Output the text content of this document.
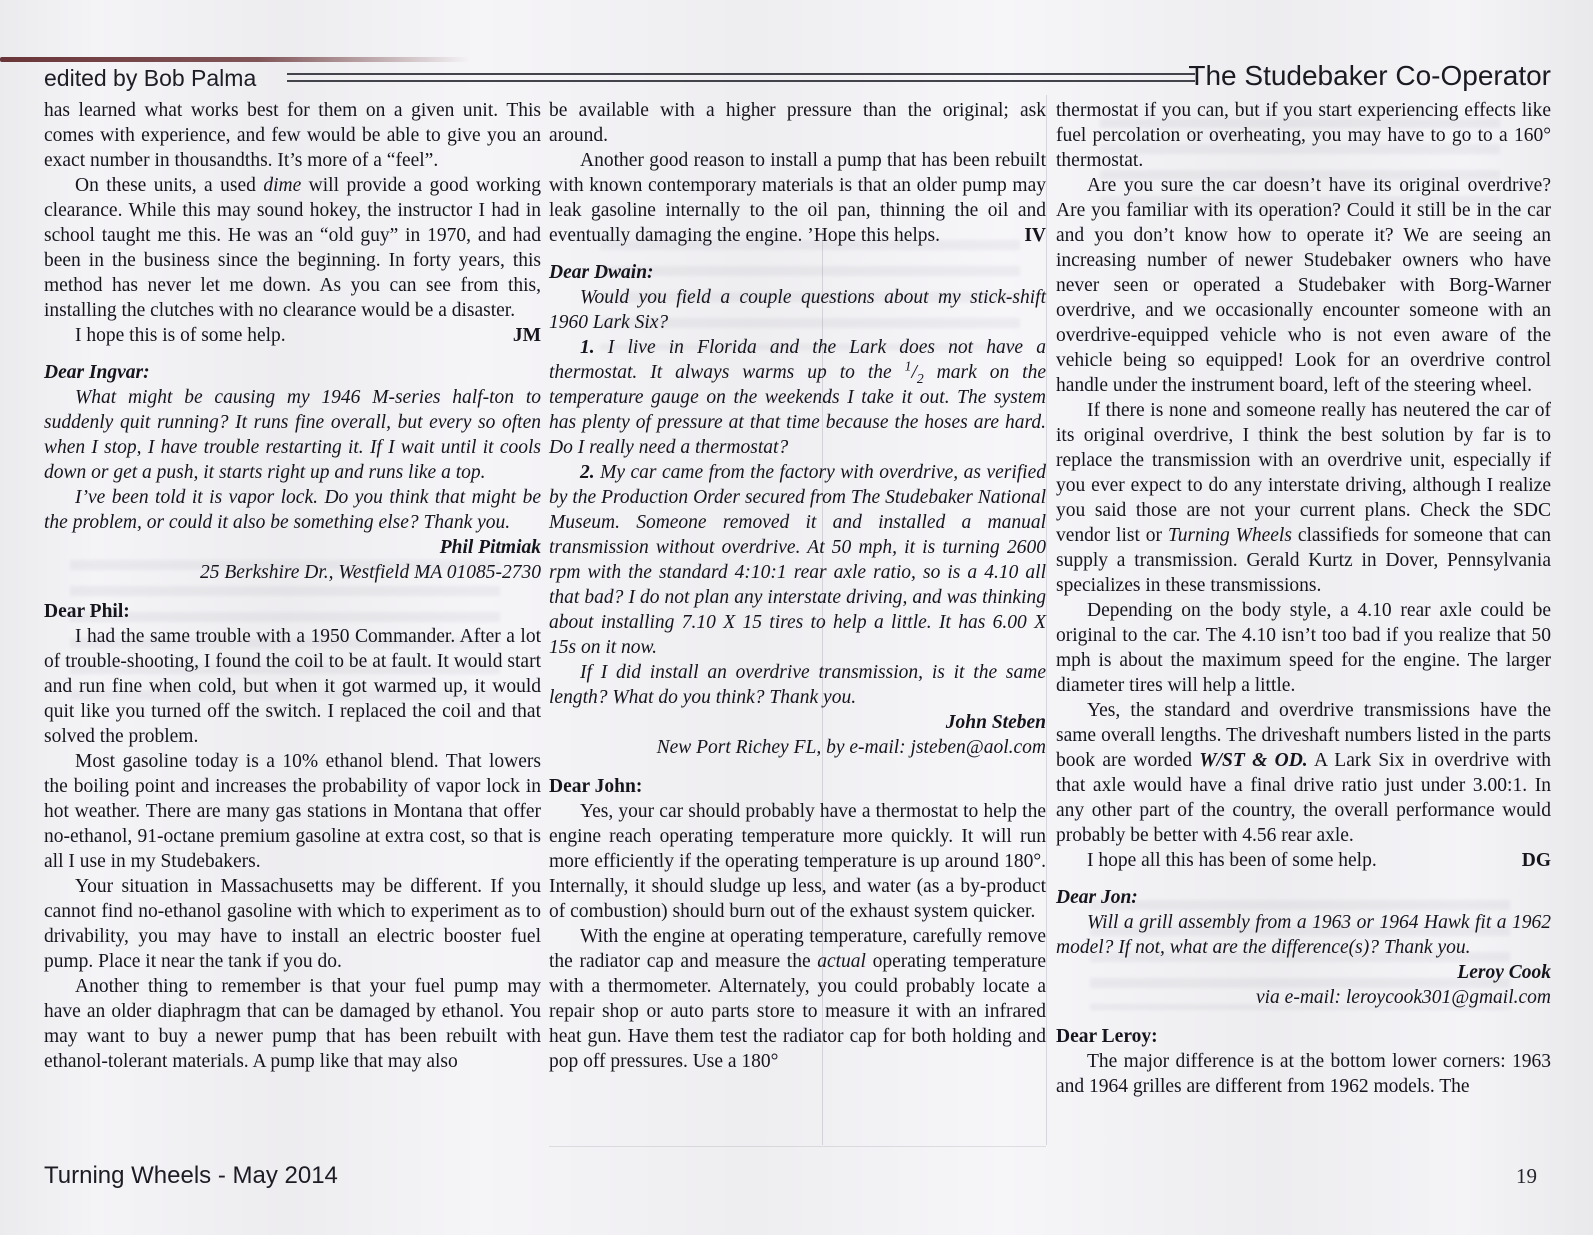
edited by Bob Palma	The Studebaker Co-Operator

has learned what works best for them on a given unit. This comes with experience, and few would be able to give you an exact number in thousandths. It’s more of a “feel”.

On these units, a used dime will provide a good working clearance. While this may sound hokey, the instructor I had in school taught me this. He was an “old guy” in 1970, and had been in the business since the beginning. In forty years, this method has never let me down. As you can see from this, installing the clutches with no clearance would be a disaster.

I hope this is of some help.	JM

Dear Ingvar:

What might be causing my 1946 M-series half-ton to suddenly quit running? It runs fine overall, but every so often when I stop, I have trouble restarting it. If I wait until it cools down or get a push, it starts right up and runs like a top.

I’ve been told it is vapor lock. Do you think that might be the problem, or could it also be something else? Thank you.

Phil Pitmiak

25 Berkshire Dr., Westfield MA 01085-2730

Dear Phil:

I had the same trouble with a 1950 Commander. After a lot of trouble-shooting, I found the coil to be at fault. It would start and run fine when cold, but when it got warmed up, it would quit like you turned off the switch. I replaced the coil and that solved the problem.

Most gasoline today is a 10% ethanol blend. That lowers the boiling point and increases the probability of vapor lock in hot weather. There are many gas stations in Montana that offer no-ethanol, 91-octane premium gasoline at extra cost, so that is all I use in my Studebakers.

Your situation in Massachusetts may be different. If you cannot find no-ethanol gasoline with which to experiment as to drivability, you may have to install an electric booster fuel pump. Place it near the tank if you do.

Another thing to remember is that your fuel pump may have an older diaphragm that can be damaged by ethanol. You may want to buy a newer pump that has been rebuilt with ethanol-tolerant materials. A pump like that may also

be available with a higher pressure than the original; ask around.

Another good reason to install a pump that has been rebuilt with known contemporary materials is that an older pump may leak gasoline internally to the oil pan, thinning the oil and eventually damaging the engine. ’Hope this helps.	IV

Dear Dwain:

Would you field a couple questions about my stick-shift 1960 Lark Six?

1. I live in Florida and the Lark does not have a thermostat. It always warms up to the $^1/_2$ mark on the temperature gauge on the weekends I take it out. The system has plenty of pressure at that time because the hoses are hard. Do I really need a thermostat?

2. My car came from the factory with overdrive, as verified by the Production Order secured from The Studebaker National Museum. Someone removed it and installed a manual transmission without overdrive. At 50 mph, it is turning 2600 rpm with the standard 4:10:1 rear axle ratio, so is a 4.10 all that bad? I do not plan any interstate driving, and was thinking about installing 7.10 X 15 tires to help a little. It has 6.00 X 15s on it now.

If I did install an overdrive transmission, is it the same length? What do you think? Thank you.

John Steben

New Port Richey FL, by e-mail: jsteben@aol.com

Dear John:

Yes, your car should probably have a thermostat to help the engine reach operating temperature more quickly. It will run more efficiently if the operating temperature is up around 180°. Internally, it should sludge up less, and water (as a by-product of combustion) should burn out of the exhaust system quicker.

With the engine at operating temperature, carefully remove the radiator cap and measure the actual operating temperature with a thermometer. Alternately, you could probably locate a repair shop or auto parts store to measure it with an infrared heat gun. Have them test the radiator cap for both holding and pop off pressures. Use a 180°

thermostat if you can, but if you start experiencing effects like fuel percolation or overheating, you may have to go to a 160° thermostat.

Are you sure the car doesn’t have its original overdrive? Are you familiar with its operation? Could it still be in the car and you don’t know how to operate it? We are seeing an increasing number of newer Studebaker owners who have never seen or operated a Studebaker with Borg-Warner overdrive, and we occasionally encounter someone with an overdrive-equipped vehicle who is not even aware of the vehicle being so equipped! Look for an overdrive control handle under the instrument board, left of the steering wheel.

If there is none and someone really has neutered the car of its original overdrive, I think the best solution by far is to replace the transmission with an overdrive unit, especially if you ever expect to do any interstate driving, although I realize you said those are not your current plans. Check the SDC vendor list or Turning Wheels classifieds for someone that can supply a transmission. Gerald Kurtz in Dover, Pennsylvania specializes in these transmissions.

Depending on the body style, a 4.10 rear axle could be original to the car. The 4.10 isn’t too bad if you realize that 50 mph is about the maximum speed for the engine. The larger diameter tires will help a little.

Yes, the standard and overdrive transmissions have the same overall lengths. The driveshaft numbers listed in the parts book are worded W/ST & OD. A Lark Six in overdrive with that axle would have a final drive ratio just under 3.00:1. In any other part of the country, the overall performance would probably be better with 4.56 rear axle.

I hope all this has been of some help.	DG

Dear Jon:

Will a grill assembly from a 1963 or 1964 Hawk fit a 1962 model? If not, what are the difference(s)? Thank you.

Leroy Cook

via e-mail: leroycook301@gmail.com

Dear Leroy:

The major difference is at the bottom lower corners: 1963 and 1964 grilles are different from 1962 models. The

Turning Wheels - May 2014	19
